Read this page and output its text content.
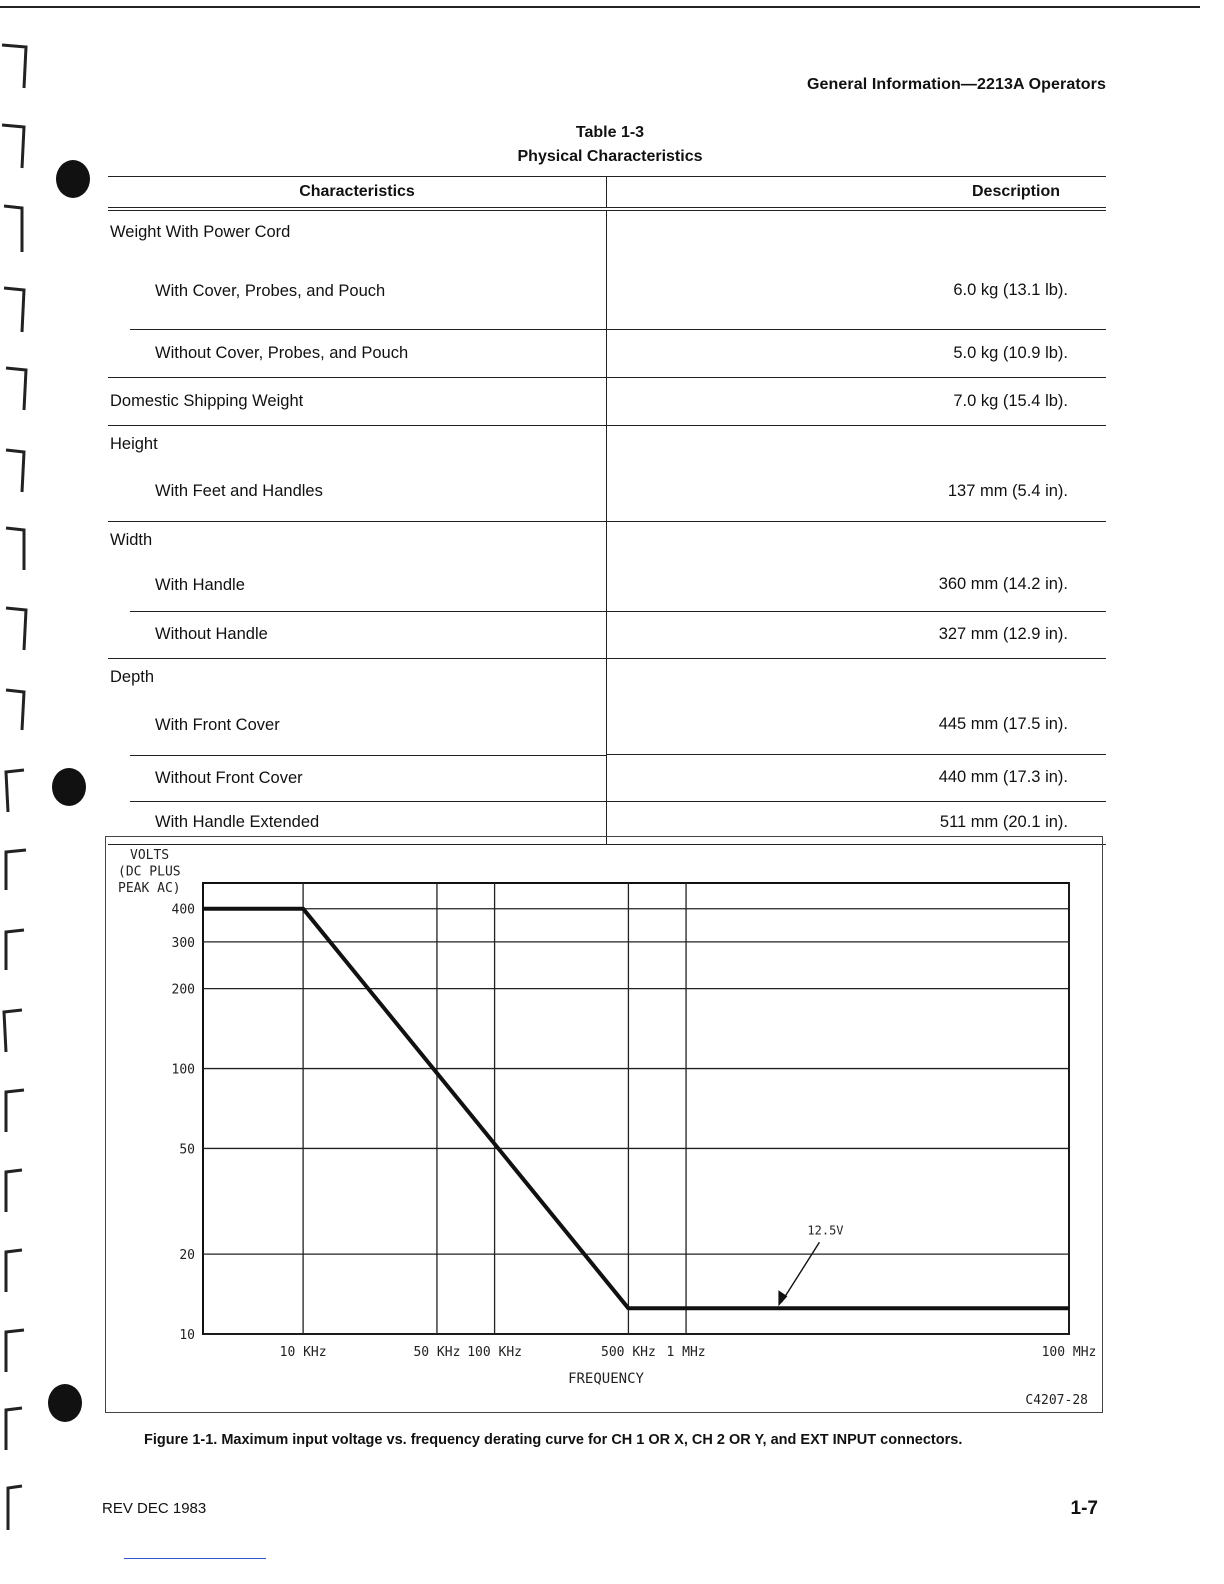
General Information—2213A Operators
Table 1-3
Physical Characteristics
Characteristics	Description

Weight With Power Cord	

With Cover, Probes, and Pouch	6.0 kg (13.1 lb).

Without Cover, Probes, and Pouch	5.0 kg (10.9 lb).

Domestic Shipping Weight	7.0 kg (15.4 lb).

Height	

With Feet and Handles	137 mm (5.4 in).

Width	

With Handle	360 mm (14.2 in).

Without Handle	327 mm (12.9 in).

Depth	

With Front Cover	445 mm (17.5 in).

Without Front Cover	440 mm (17.3 in).

With Handle Extended	511 mm (20.1 in).
400
300
200
100
50
20
10
10 KHz	50 KHz 100 KHz	500 KHz 1 MHz	100 MHz
VOLTS
(DC PLUS
PEAK AC)
FREQUENCY
12.5V
C4207-28
Figure 1-1. Maximum input voltage vs. frequency derating curve for CH 1 OR X, CH 2 OR Y, and EXT INPUT connectors.
REV DEC 1983	1-7
